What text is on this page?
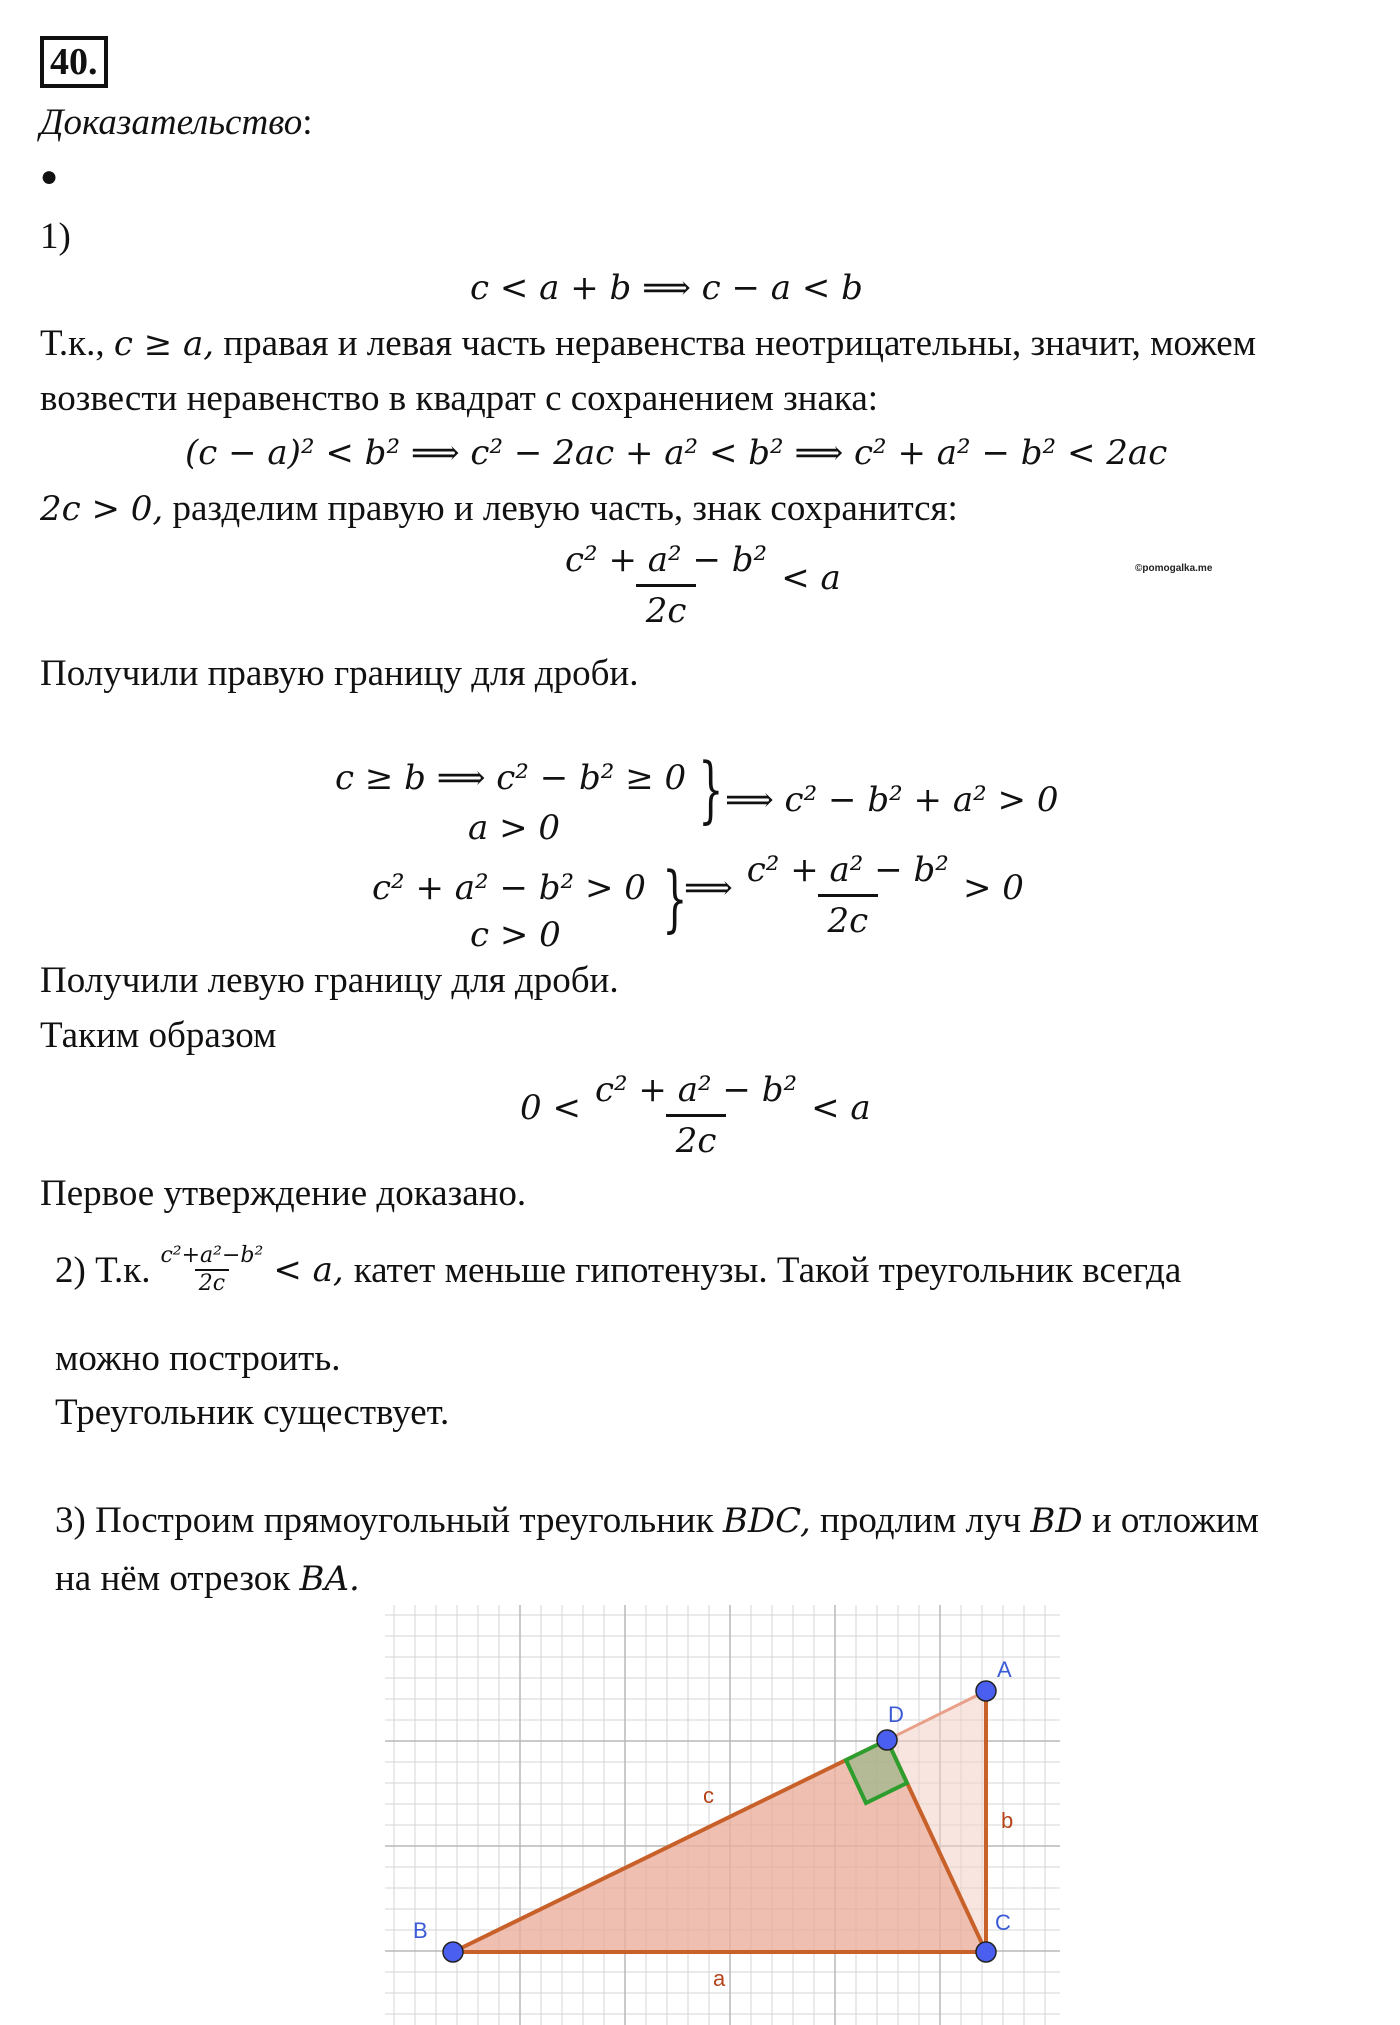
40.
Доказательство:
●
1)
c < a + b ⟹ c − a < b
Т.к., c ≥ a, правая и левая часть неравенства неотрицательны, значит, можем
возвести неравенство в квадрат с сохранением знака:
(c − a)² < b² ⟹ c² − 2ac + a² < b² ⟹ c² + a² − b² < 2ac
2c > 0, разделим правую и левую часть, знак сохранится:
$\frac{\text{c² + a² − b²}}{2c} < a$	©pomogalka.me
Получили правую границу для дроби.
c ≥ b ⟹ c² − b² ≥ 0
a > 0 } ⟹ c² − b² + a² > 0
c² + a² − b² > 0
c > 0 }
⟹ $\frac{\text{c² + a² − b²}}{2c} > 0$
Получили левую границу для дроби.
Таким образом
$0 < \frac{\text{c² + a² − b²}}{2c} < a$
Первое утверждение доказано.
2) Т.к. $\frac{\text{c²+a²−b²}}{2c} < a$, катет меньше гипотенузы. Такой треугольник всегда
можно построить.
Треугольник существует.
3) Построим прямоугольный треугольник BDC, продлим луч BD и отложим
на нём отрезок BA.
A
D
B	C
a
b
c
